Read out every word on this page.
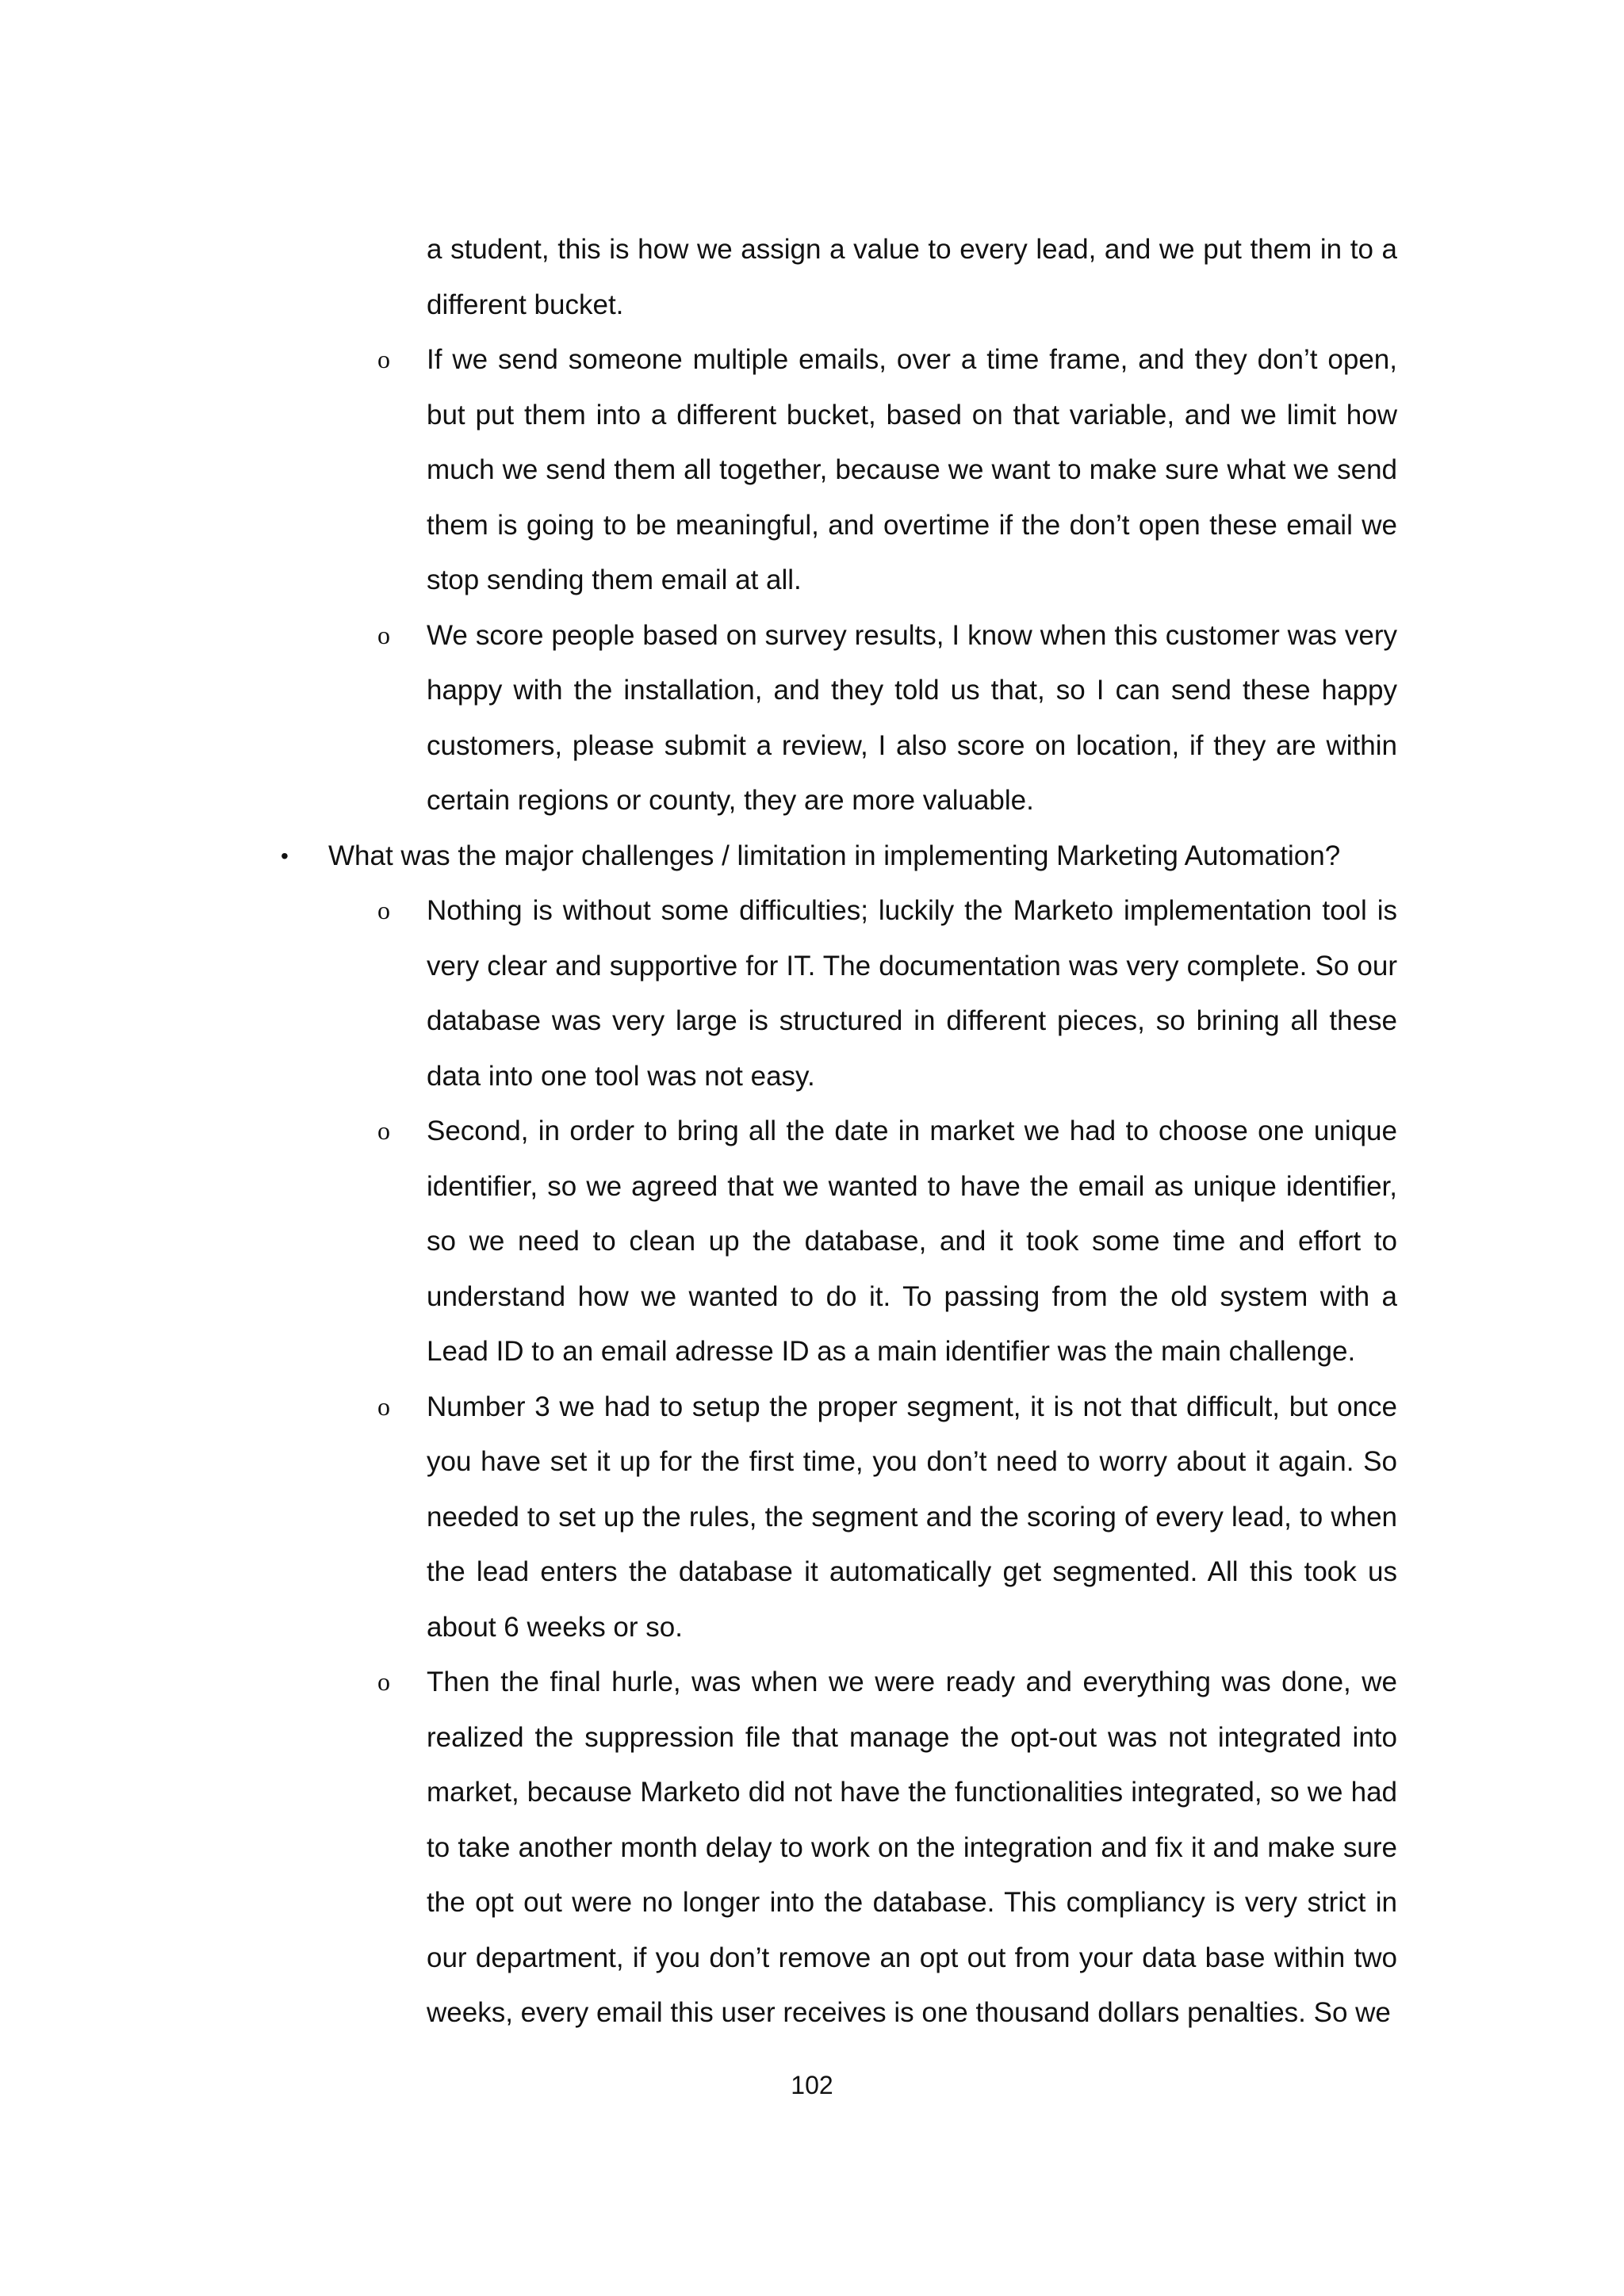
a student, this is how we assign a value to every lead, and we put them in to a different bucket.

o If we send someone multiple emails, over a time frame, and they don’t open, but put them into a different bucket, based on that variable, and we limit how much we send them all together, because we want to make sure what we send them is going to be meaningful, and overtime if the don’t open these email we stop sending them email at all.
o We score people based on survey results, I know when this customer was very happy with the installation, and they told us that, so I can send these happy customers, please submit a review, I also score on location, if they are within certain regions or county, they are more valuable.
• What was the major challenges / limitation in implementing Marketing Automation?
o Nothing is without some difficulties; luckily the Marketo implementation tool is very clear and supportive for IT. The documentation was very complete. So our database was very large is structured in different pieces, so brining all these data into one tool was not easy.
o Second, in order to bring all the date in market we had to choose one unique identifier, so we agreed that we wanted to have the email as unique identifier, so we need to clean up the database, and it took some time and effort to understand how we wanted to do it. To passing from the old system with a Lead ID to an email adresse ID as a main identifier was the main challenge.
o Number 3 we had to setup the proper segment, it is not that difficult, but once you have set it up for the first time, you don’t need to worry about it again. So needed to set up the rules, the segment and the scoring of every lead, to when the lead enters the database it automatically get segmented. All this took us about 6 weeks or so.
o Then the final hurle, was when we were ready and everything was done, we realized the suppression file that manage the opt-out was not integrated into market, because Marketo did not have the functionalities integrated, so we had to take another month delay to work on the integration and fix it and make sure the opt out were no longer into the database. This compliancy is very strict in our department, if you don’t remove an opt out from your data base within two weeks, every email this user receives is one thousand dollars penalties. So we
102
